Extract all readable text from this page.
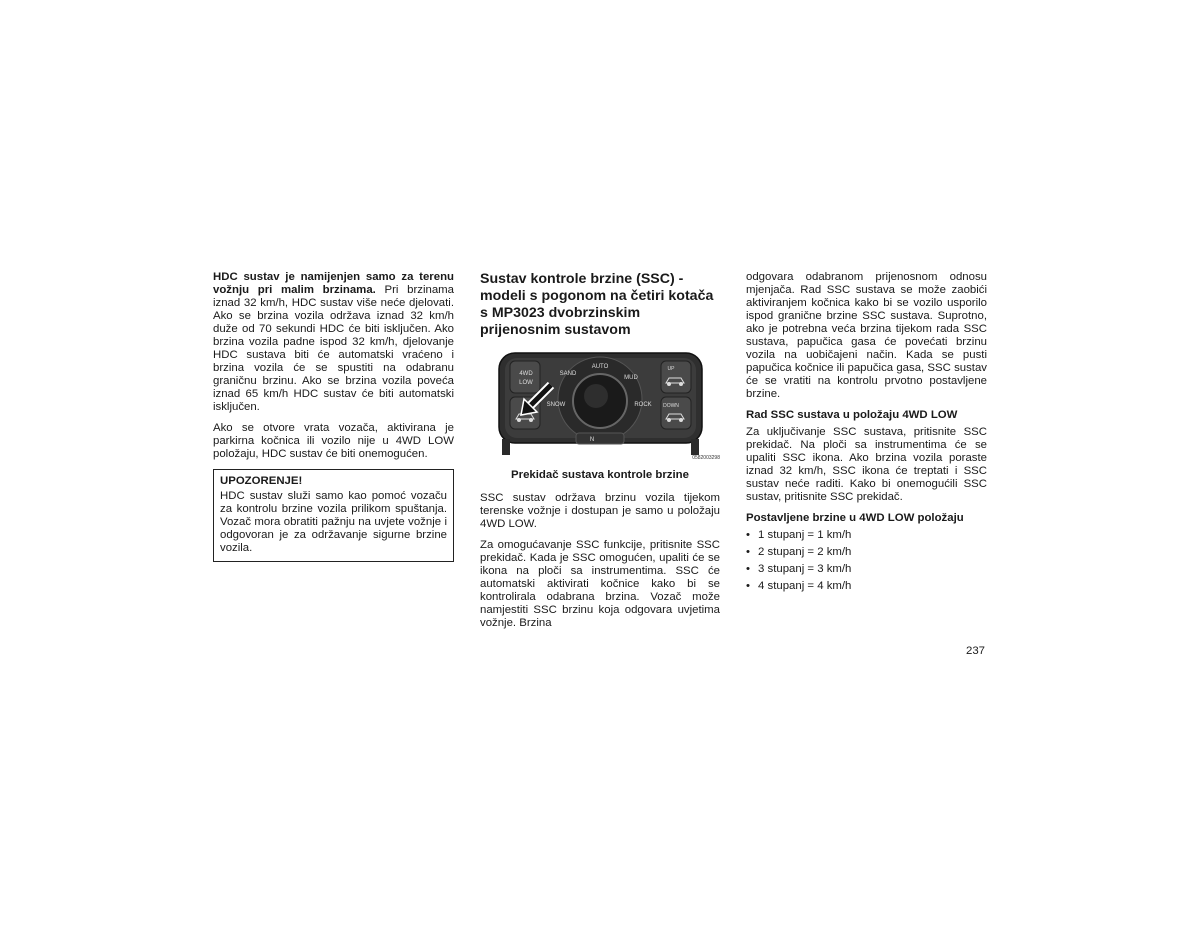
HDC sustav je namijenjen samo za terenu vožnju pri malim brzinama. Pri brzinama iznad 32 km/h, HDC sustav više neće djelovati. Ako se brzina vozila održava iznad 32 km/h duže od 70 sekundi HDC će biti isključen. Ako brzina vozila padne ispod 32 km/h, djelovanje HDC sustava biti će automatski vraćeno i brzina vozila će se spustiti na odabranu graničnu brzinu. Ako se brzina vozila poveća iznad 65 km/h HDC sustav će biti automatski isključen.

Ako se otvore vrata vozača, aktivirana je parkirna kočnica ili vozilo nije u 4WD LOW položaju, HDC sustav će biti onemogućen.

UPOZORENJE!
HDC sustav služi samo kao pomoć vozaču za kontrolu brzine vozila prilikom spuštanja. Vozač mora obratiti pažnju na uvjete vožnje i odgovoran je za održavanje sigurne brzine vozila.
Sustav kontrole brzine (SSC) - modeli s pogonom na četiri kotača s MP3023 dvobrzinskim prijenosnim sustavom
AUTO
SAND
MUD
SNOW	ROCK
4WD
LOW
UP
DOWN
N
0582003298
Prekidač sustava kontrole brzine

SSC sustav održava brzinu vozila tijekom terenske vožnje i dostupan je samo u položaju 4WD LOW.

Za omogućavanje SSC funkcije, pritisnite SSC prekidač. Kada je SSC omogućen, upaliti će se ikona na ploči sa instrumentima. SSC će automatski aktivirati kočnice kako bi se kontrolirala odabrana brzina. Vozač može namjestiti SSC brzinu koja odgovara uvjetima vožnje. Brzina

odgovara odabranom prijenosnom odnosu mjenjača. Rad SSC sustava se može zaobići aktiviranjem kočnica kako bi se vozilo usporilo ispod granične brzine SSC sustava. Suprotno, ako je potrebna veća brzina tijekom rada SSC sustava, papučica gasa će povećati brzinu vozila na uobičajeni način. Kada se pusti papučica kočnice ili papučica gasa, SSC sustav će se vratiti na kontrolu prvotno postavljene brzine.

Rad SSC sustava u položaju 4WD LOW

Za uključivanje SSC sustava, pritisnite SSC prekidač. Na ploči sa instrumentima će se upaliti SSC ikona. Ako brzina vozila poraste iznad 32 km/h, SSC ikona će treptati i SSC sustav neće raditi. Kako bi onemogućili SSC sustav, pritisnite SSC prekidač.

Postavljene brzine u 4WD LOW položaju
• 1 stupanj = 1 km/h
• 2 stupanj = 2 km/h
• 3 stupanj = 3 km/h
• 4 stupanj = 4 km/h
237
